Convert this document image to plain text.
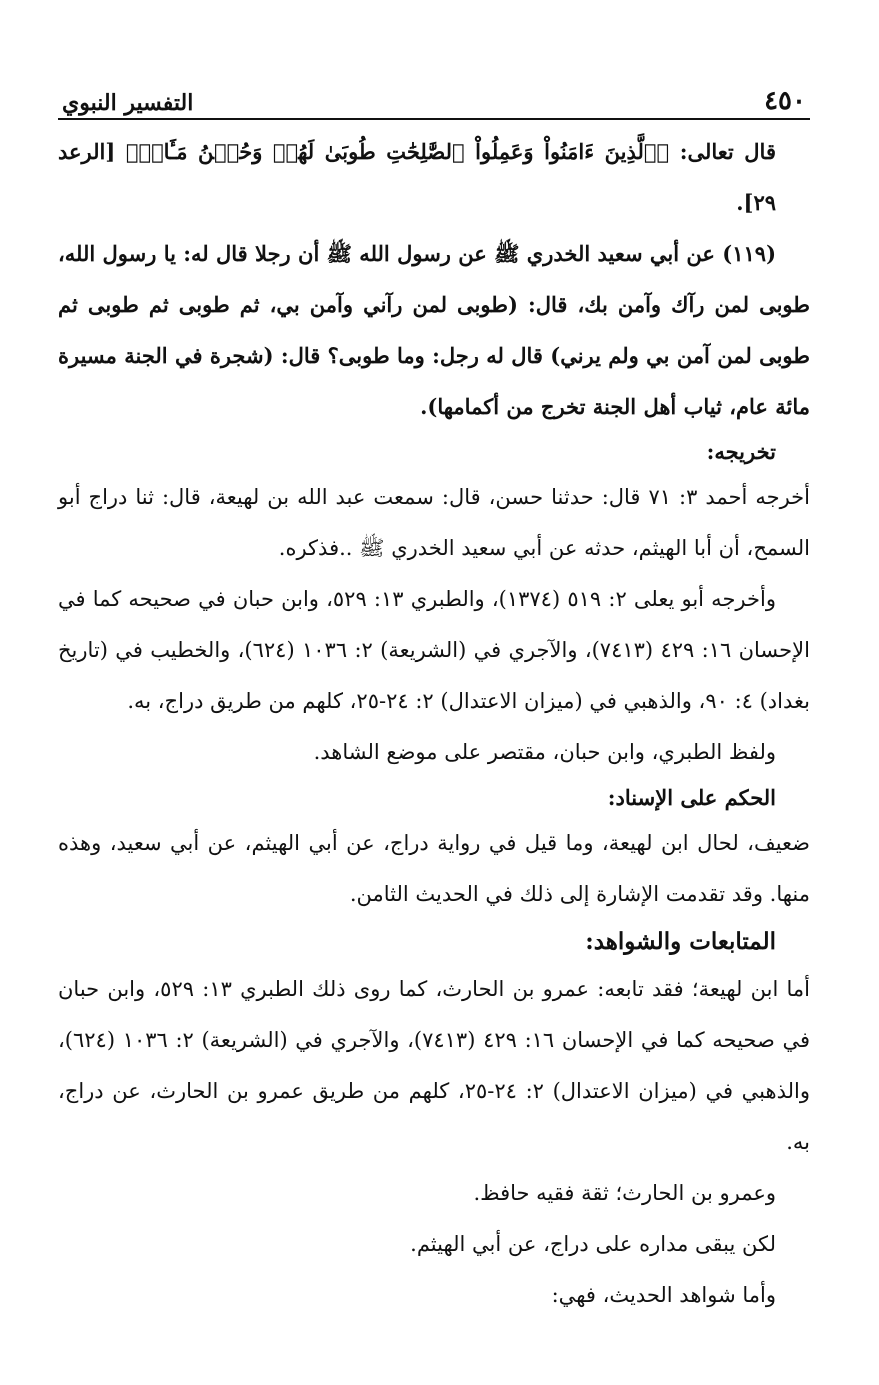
٤٥٠
التفسير النبوي

قال تعالى: ﴿ٱلَّذِينَ ءَامَنُواْ وَعَمِلُواْ ٱلصَّٰلِحَٰتِ طُوبَىٰ لَهُمۡ وَحُسۡنُ مَـَٔابٖ﴾ [الرعد ٢٩].

(١١٩) عن أبي سعيد الخدري ﷺ عن رسول الله ﷺ أن رجلا قال له: يا رسول الله، طوبى لمن رآك وآمن بك، قال: (طوبى لمن رآني وآمن بي، ثم طوبى ثم طوبى ثم طوبى لمن آمن بي ولم يرني) قال له رجل: وما طوبى؟ قال: (شجرة في الجنة مسيرة مائة عام، ثياب أهل الجنة تخرج من أكمامها).

تخريجه:

أخرجه أحمد ٣: ٧١ قال: حدثنا حسن، قال: سمعت عبد الله بن لهيعة، قال: ثنا دراج أبو السمح، أن أبا الهيثم، حدثه عن أبي سعيد الخدري ﷺ ..فذكره.

وأخرجه أبو يعلى ٢: ٥١٩ (١٣٧٤)، والطبري ١٣: ٥٢٩، وابن حبان في صحيحه كما في الإحسان ١٦: ٤٢٩ (٧٤١٣)، والآجري في (الشريعة) ٢: ١٠٣٦ (٦٢٤)، والخطيب في (تاريخ بغداد) ٤: ٩٠، والذهبي في (ميزان الاعتدال) ٢: ٢٤-٢٥، كلهم من طريق دراج، به.

ولفظ الطبري، وابن حبان، مقتصر على موضع الشاهد.

الحكم على الإسناد:

ضعيف، لحال ابن لهيعة، وما قيل في رواية دراج، عن أبي الهيثم، عن أبي سعيد، وهذه منها. وقد تقدمت الإشارة إلى ذلك في الحديث الثامن.

المتابعات والشواهد:

أما ابن لهيعة؛ فقد تابعه: عمرو بن الحارث، كما روى ذلك الطبري ١٣: ٥٢٩، وابن حبان في صحيحه كما في الإحسان ١٦: ٤٢٩ (٧٤١٣)، والآجري في (الشريعة) ٢: ١٠٣٦ (٦٢٤)، والذهبي في (ميزان الاعتدال) ٢: ٢٤-٢٥، كلهم من طريق عمرو بن الحارث، عن دراج، به.

وعمرو بن الحارث؛ ثقة فقيه حافظ.

لكن يبقى مداره على دراج، عن أبي الهيثم.

وأما شواهد الحديث، فهي:
